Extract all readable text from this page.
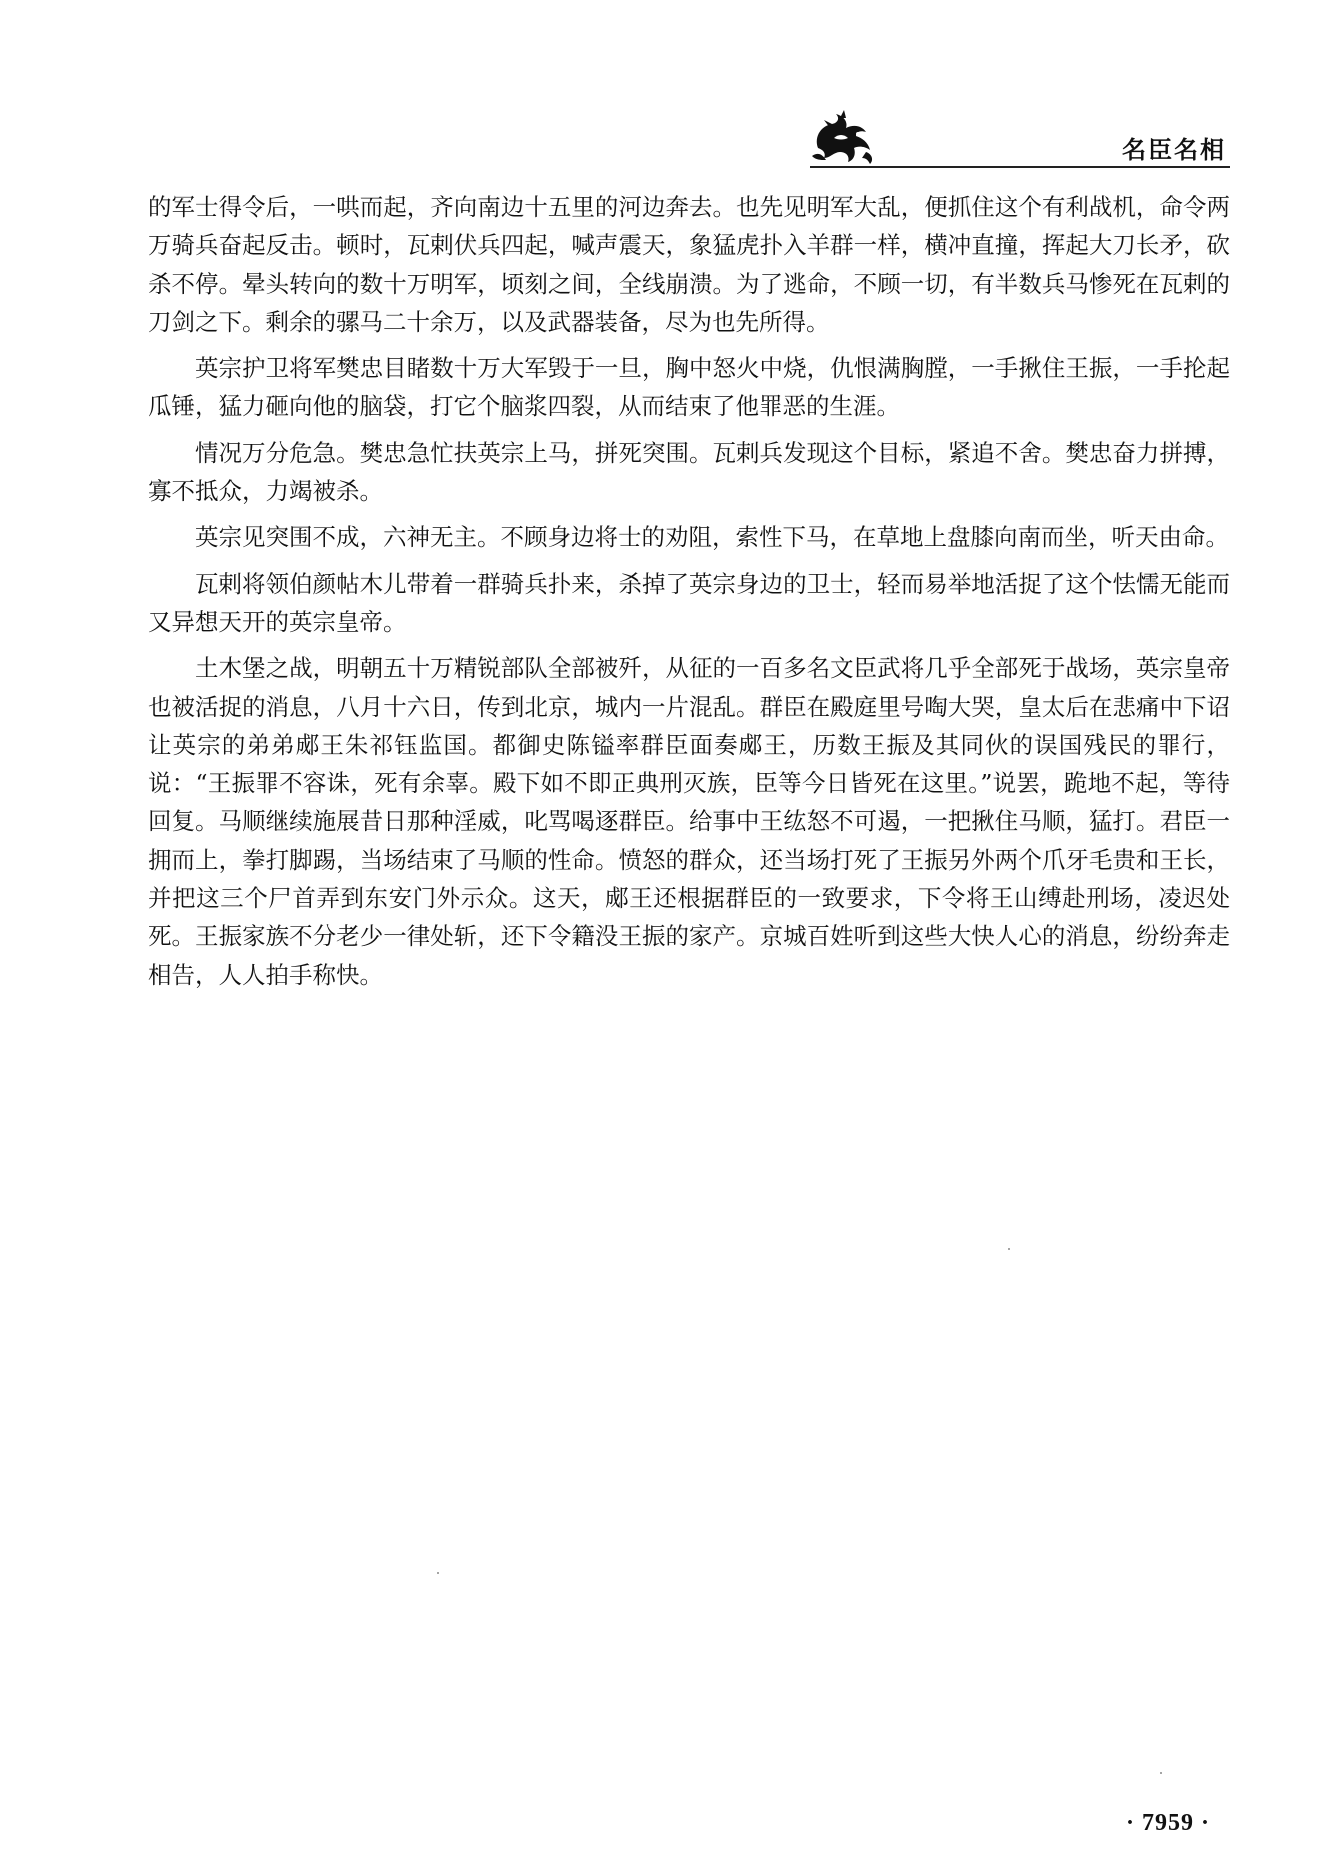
名臣名相

的军士得令后，一哄而起，齐向南边十五里的河边奔去。也先见明军大乱，便抓住这个有利战机，命令两万骑兵奋起反击。顿时，瓦剌伏兵四起，喊声震天，象猛虎扑入羊群一样，横冲直撞，挥起大刀长矛，砍杀不停。晕头转向的数十万明军，顷刻之间，全线崩溃。为了逃命，不顾一切，有半数兵马惨死在瓦剌的刀剑之下。剩余的骡马二十余万，以及武器装备，尽为也先所得。

英宗护卫将军樊忠目睹数十万大军毁于一旦，胸中怒火中烧，仇恨满胸膛，一手揪住王振，一手抡起瓜锤，猛力砸向他的脑袋，打它个脑浆四裂，从而结束了他罪恶的生涯。

情况万分危急。樊忠急忙扶英宗上马，拼死突围。瓦剌兵发现这个目标，紧追不舍。樊忠奋力拼搏，寡不抵众，力竭被杀。

英宗见突围不成，六神无主。不顾身边将士的劝阻，索性下马，在草地上盘膝向南而坐，听天由命。

瓦剌将领伯颜帖木儿带着一群骑兵扑来，杀掉了英宗身边的卫士，轻而易举地活捉了这个怯懦无能而又异想天开的英宗皇帝。

土木堡之战，明朝五十万精锐部队全部被歼，从征的一百多名文臣武将几乎全部死于战场，英宗皇帝也被活捉的消息，八月十六日，传到北京，城内一片混乱。群臣在殿庭里号啕大哭，皇太后在悲痛中下诏让英宗的弟弟郕王朱祁钰监国。都御史陈镒率群臣面奏郕王，历数王振及其同伙的误国残民的罪行，说：“王振罪不容诛，死有余辜。殿下如不即正典刑灭族，臣等今日皆死在这里。”说罢，跪地不起，等待回复。马顺继续施展昔日那种淫威，叱骂喝逐群臣。给事中王纮怒不可遏，一把揪住马顺，猛打。君臣一拥而上，拳打脚踢，当场结束了马顺的性命。愤怒的群众，还当场打死了王振另外两个爪牙毛贵和王长，并把这三个尸首弄到东安门外示众。这天，郕王还根据群臣的一致要求，下令将王山缚赴刑场，凌迟处死。王振家族不分老少一律处斩，还下令籍没王振的家产。京城百姓听到这些大快人心的消息，纷纷奔走相告，人人拍手称快。

· 7959 ·
